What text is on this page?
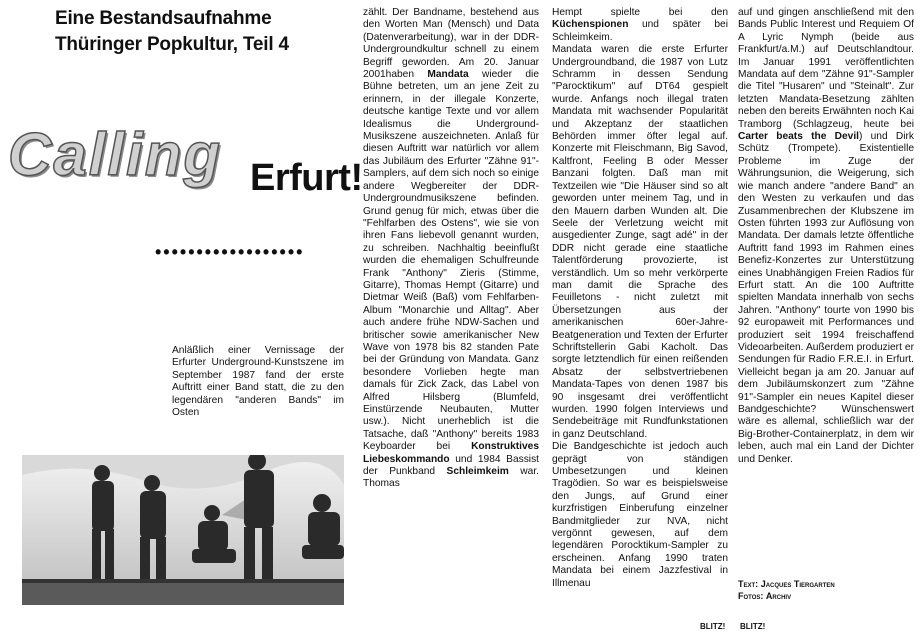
Eine Bestandsaufnahme
Thüringer Popkultur, Teil 4
Calling Erfurt!
••••••••••••••••••

Anläßlich einer Vernissage der Erfurter Underground-Kunstszene im September 1987 fand der erste Auftritt einer Band statt, die zu den legendären "anderen Bands" im Osten

zählt. Der Bandname, bestehend aus den Worten Man (Mensch) und Data (Datenverarbeitung), war in der DDR-Undergroundkultur schnell zu einem Begriff geworden. Am 20. Januar 2001haben Mandata wieder die Bühne betreten, um an jene Zeit zu erinnern, in der illegale Konzerte, deutsche kantige Texte und vor allem Idealismus die Underground-Musikszene auszeichneten. Anlaß für diesen Auftritt war natürlich vor allem das Jubiläum des Erfurter "Zähne 91"-Samplers, auf dem sich noch so einige andere Wegbereiter der DDR-Undergroundmusikszene befinden. Grund genug für mich, etwas über die "Fehlfarben des Ostens", wie sie von ihren Fans liebevoll genannt wurden, zu schreiben. Nachhaltig beeinflußt wurden die ehemaligen Schulfreunde Frank "Anthony" Zieris (Stimme, Gitarre), Thomas Hempt (Gitarre) und Dietmar Weiß (Baß) vom Fehlfarben-Album "Monarchie und Alltag". Aber auch andere frühe NDW-Sachen und britischer sowie amerikanischer New Wave von 1978 bis 82 standen Pate bei der Gründung von Mandata. Ganz besondere Vorlieben hegte man damals für Zick Zack, das Label von Alfred Hilsberg (Blumfeld, Einstürzende Neubauten, Mutter usw.). Nicht unerheblich ist die Tatsache, daß "Anthony" bereits 1983 Keyboarder bei Konstruktives Liebeskommando und 1984 Bassist der Punkband Schleimkeim war. Thomas

Hempt spielte bei den Küchenspionen und später bei Schleimkeim.

Mandata waren die erste Erfurter Undergroundband, die 1987 von Lutz Schramm in dessen Sendung "Parocktikum" auf DT64 gespielt wurde. Anfangs noch illegal traten Mandata mit wachsender Popularität und Akzeptanz der staatlichen Behörden immer öfter legal auf. Konzerte mit Fleischmann, Big Savod, Kaltfront, Feeling B oder Messer Banzani folgten. Daß man mit Textzeilen wie "Die Häuser sind so alt geworden unter meinem Tag, und in den Mauern darben Wunden alt. Die Seele der Verletzung weicht mit ausgedienter Zunge, sagt adé" in der DDR nicht gerade eine staatliche Talentförderung provozierte, ist verständlich. Um so mehr verkörperte man damit die Sprache des Feuilletons - nicht zuletzt mit Übersetzungen aus der amerikanischen 60er-Jahre-Beatgeneration und Texten der Erfurter Schriftstellerin Gabi Kacholt. Das sorgte letztendlich für einen reißenden Absatz der selbstvertriebenen Mandata-Tapes von denen 1987 bis 90 insgesamt drei veröffentlicht wurden. 1990 folgen Interviews und Sendebeiträge mit Rundfunkstationen in ganz Deutschland.

Die Bandgeschichte ist jedoch auch geprägt von ständigen Umbesetzungen und kleinen Tragödien. So war es beispielsweise den Jungs, auf Grund einer kurzfristigen Einberufung einzelner Bandmitglieder zur NVA, nicht vergönnt gewesen, auf dem legendären Porocktikum-Sampler zu erscheinen. Anfang 1990 traten Mandata bei einem Jazzfestival in Illmenau

auf und gingen anschließend mit den Bands Public Interest und Requiem Of A Lyric Nymph (beide aus Frankfurt/a.M.) auf Deutschlandtour. Im Januar 1991 veröffentlichten Mandata auf dem "Zähne 91"-Sampler die Titel "Husaren" und "Steinalt". Zur letzten Mandata-Besetzung zählten neben den bereits Erwähnten noch Kai Tramborg (Schlagzeug, heute bei Carter beats the Devil) und Dirk Schütz (Trompete). Existentielle Probleme im Zuge der Währungsunion, die Weigerung, sich wie manch andere "andere Band" an den Westen zu verkaufen und das Zusammenbrechen der Klubszene im Osten führten 1993 zur Auflösung von Mandata. Der damals letzte öffentliche Auftritt fand 1993 im Rahmen eines Benefiz-Konzertes zur Unterstützung eines Unabhängigen Freien Radios für Erfurt statt. An die 100 Auftritte spielten Mandata innerhalb von sechs Jahren. "Anthony" tourte von 1990 bis 92 europaweit mit Performances und produziert seit 1994 freischaffend Videoarbeiten. Außerdem produziert er Sendungen für Radio F.R.E.I. in Erfurt. Vielleicht began ja am 20. Januar auf dem Jubiläumskonzert zum "Zähne 91"-Sampler ein neues Kapitel dieser Bandgeschichte? Wünschenswert wäre es allemal, schließlich war der Big-Brother-Containerplatz, in dem wir leben, auch mal ein Land der Dichter und Denker.

Text: Jacques Tiergarten
Fotos: Archiv
BLITZ! BLITZ!
